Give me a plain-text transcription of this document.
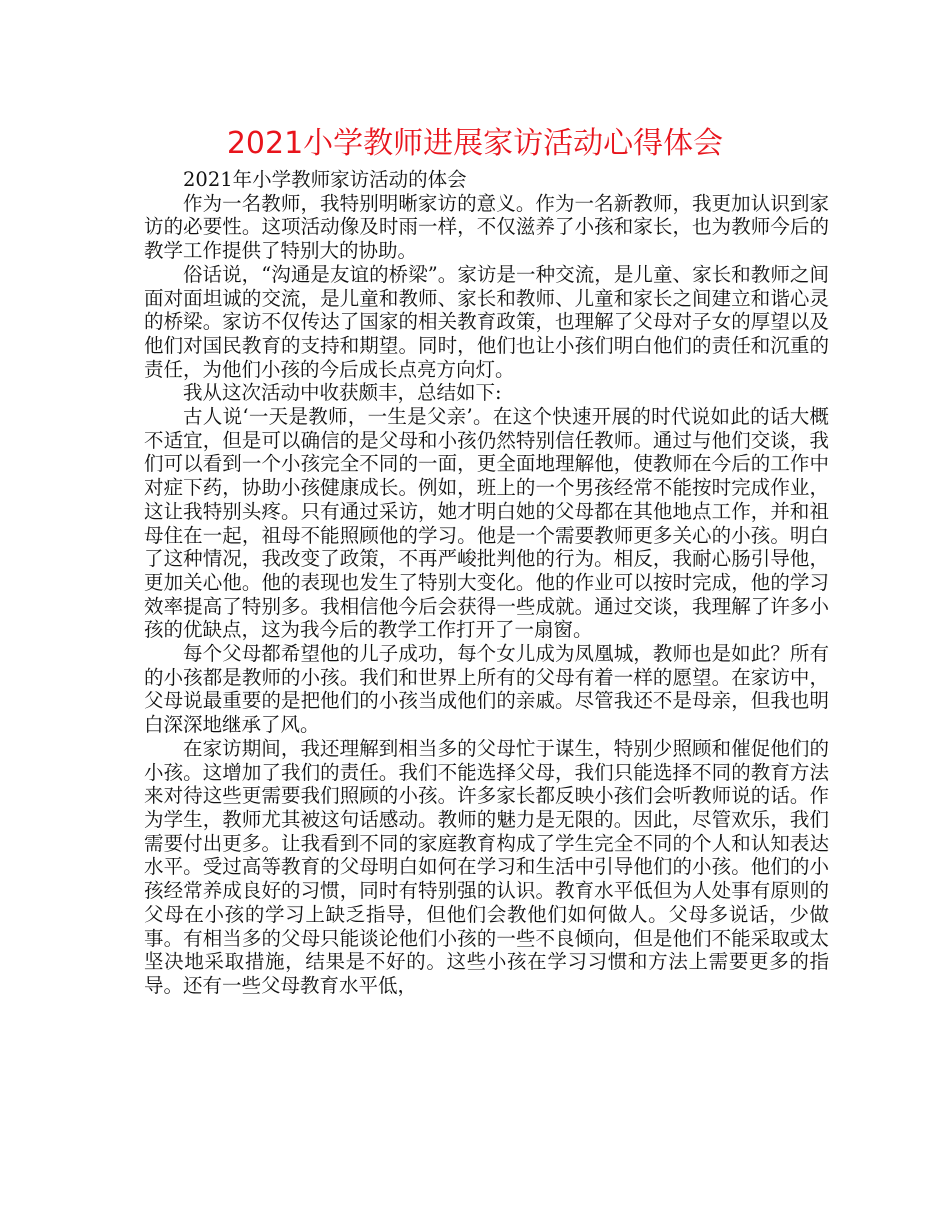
2021小学教师进展家访活动心得体会

2021年小学教师家访活动的体会

作为一名教师，我特别明晰家访的意义。作为一名新教师，我更加认识到家访的必要性。这项活动像及时雨一样，不仅滋养了小孩和家长，也为教师今后的教学工作提供了特别大的协助。

俗话说，“沟通是友谊的桥梁”。家访是一种交流，是儿童、家长和教师之间面对面坦诚的交流，是儿童和教师、家长和教师、儿童和家长之间建立和谐心灵的桥梁。家访不仅传达了国家的相关教育政策，也理解了父母对子女的厚望以及他们对国民教育的支持和期望。同时，他们也让小孩们明白他们的责任和沉重的责任，为他们小孩的今后成长点亮方向灯。

我从这次活动中收获颇丰，总结如下:

古人说‘一天是教师，一生是父亲’。在这个快速开展的时代说如此的话大概不适宜，但是可以确信的是父母和小孩仍然特别信任教师。通过与他们交谈，我们可以看到一个小孩完全不同的一面，更全面地理解他，使教师在今后的工作中对症下药，协助小孩健康成长。例如，班上的一个男孩经常不能按时完成作业，这让我特别头疼。只有通过采访，她才明白她的父母都在其他地点工作，并和祖母住在一起，祖母不能照顾他的学习。他是一个需要教师更多关心的小孩。明白了这种情况，我改变了政策，不再严峻批判他的行为。相反，我耐心肠引导他，更加关心他。他的表现也发生了特别大变化。他的作业可以按时完成，他的学习效率提高了特别多。我相信他今后会获得一些成就。通过交谈，我理解了许多小孩的优缺点，这为我今后的教学工作打开了一扇窗。

每个父母都希望他的儿子成功，每个女儿成为凤凰城，教师也是如此？所有的小孩都是教师的小孩。我们和世界上所有的父母有着一样的愿望。在家访中，父母说最重要的是把他们的小孩当成他们的亲戚。尽管我还不是母亲，但我也明白深深地继承了风。

在家访期间，我还理解到相当多的父母忙于谋生，特别少照顾和催促他们的小孩。这增加了我们的责任。我们不能选择父母，我们只能选择不同的教育方法来对待这些更需要我们照顾的小孩。许多家长都反映小孩们会听教师说的话。作为学生，教师尤其被这句话感动。教师的魅力是无限的。因此，尽管欢乐，我们需要付出更多。让我看到不同的家庭教育构成了学生完全不同的个人和认知表达水平。受过高等教育的父母明白如何在学习和生活中引导他们的小孩。他们的小孩经常养成良好的习惯，同时有特别强的认识。教育水平低但为人处事有原则的父母在小孩的学习上缺乏指导，但他们会教他们如何做人。父母多说话，少做事。有相当多的父母只能谈论他们小孩的一些不良倾向，但是他们不能采取或太坚决地采取措施，结果是不好的。这些小孩在学习习惯和方法上需要更多的指导。还有一些父母教育水平低，
